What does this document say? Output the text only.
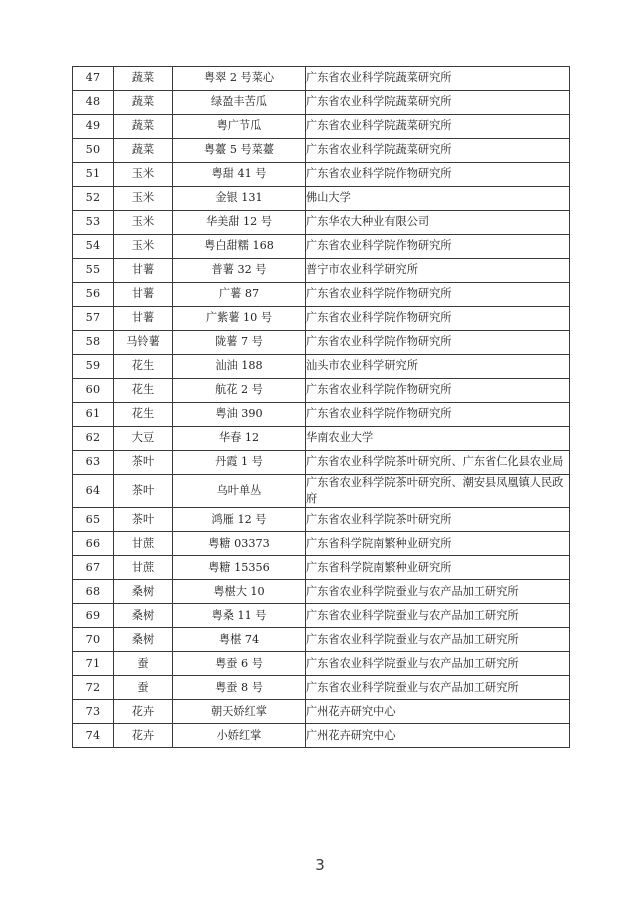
47	蔬菜	粤翠 2 号菜心	广东省农业科学院蔬菜研究所
48	蔬菜	绿盈丰苦瓜	广东省农业科学院蔬菜研究所
49	蔬菜	粤广节瓜	广东省农业科学院蔬菜研究所
50	蔬菜	粤薹 5 号菜薹	广东省农业科学院蔬菜研究所
51	玉米	粤甜 41 号	广东省农业科学院作物研究所
52	玉米	金银 131	佛山大学
53	玉米	华美甜 12 号	广东华农大种业有限公司
54	玉米	粤白甜糯 168	广东省农业科学院作物研究所
55	甘薯	普薯 32 号	普宁市农业科学研究所
56	甘薯	广薯 87	广东省农业科学院作物研究所
57	甘薯	广紫薯 10 号	广东省农业科学院作物研究所
58	马铃薯	陇薯 7 号	广东省农业科学院作物研究所
59	花生	汕油 188	汕头市农业科学研究所
60	花生	航花 2 号	广东省农业科学院作物研究所
61	花生	粤油 390	广东省农业科学院作物研究所
62	大豆	华春 12	华南农业大学
63	茶叶	丹霞 1 号	广东省农业科学院茶叶研究所、广东省仁化县农业局
64	茶叶	乌叶单丛	广东省农业科学院茶叶研究所、潮安县凤凰镇人民政府
65	茶叶	鸿雁 12 号	广东省农业科学院茶叶研究所
66	甘蔗	粤糖 03373	广东省科学院南繁种业研究所
67	甘蔗	粤糖 15356	广东省科学院南繁种业研究所
68	桑树	粤椹大 10	广东省农业科学院蚕业与农产品加工研究所
69	桑树	粤桑 11 号	广东省农业科学院蚕业与农产品加工研究所
70	桑树	粤椹 74	广东省农业科学院蚕业与农产品加工研究所
71	蚕	粤蚕 6 号	广东省农业科学院蚕业与农产品加工研究所
72	蚕	粤蚕 8 号	广东省农业科学院蚕业与农产品加工研究所
73	花卉	朝天娇红掌	广州花卉研究中心
74	花卉	小娇红掌	广州花卉研究中心
3
